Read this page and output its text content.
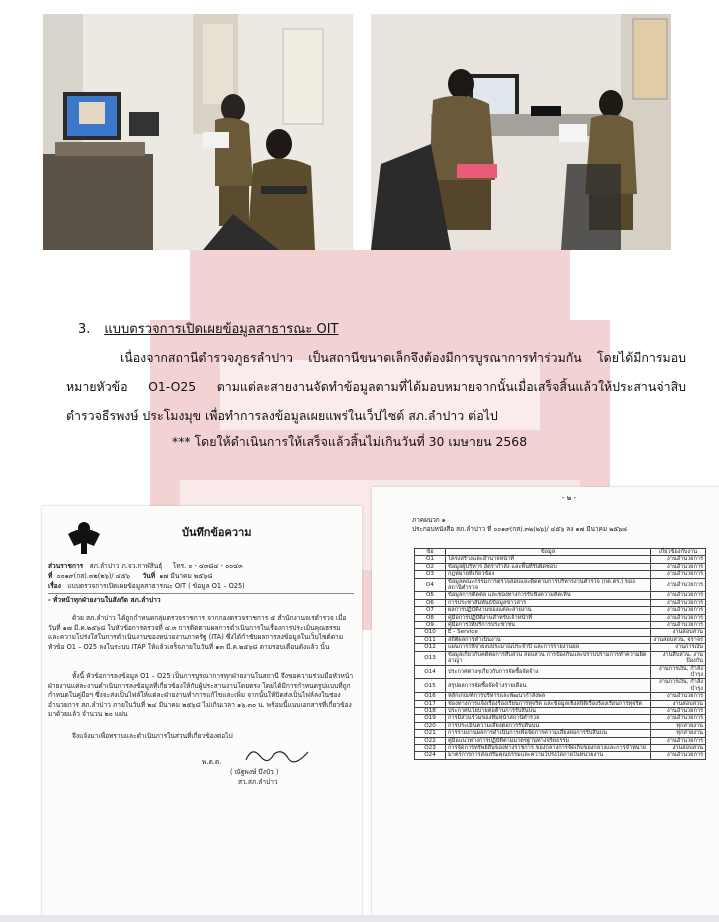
3. แบบตรวจการเปิดเผยข้อมูลสาธารณะ OIT
เนื่องจากสถานีตำรวจภูธรลำปาว เป็นสถานีขนาดเล็กจึงต้องมีการบูรณาการทำร่วมกัน โดยได้มีการมอบหมายหัวข้อ O1-O25 ตามแต่ละสายงานจัดทำข้อมูลตามที่ได้มอบหมายจากนั้นเมื่อเสร็จสิ้นแล้วให้ประสานจ่าสิบตำรวจธีรพงษ์ ประโมงมุข เพื่อทำการลงข้อมูลเผยแพร่ในเว็ปไซต์ สภ.ลำปาว ต่อไป
*** โดยให้ดำเนินการให้เสร็จแล้วสิ้นไม่เกินวันที่ 30 เมษายน 2568
บันทึกข้อความ
ส่วนราชการ สภ.ลำปาว ภ.จว.กาฬสินธุ์ โทร. ๐ - ๔๓๘๔ - ๐๐๔๓
ที่ ๐๐๑๙(กส).๓๒(๒๖)/ ๔๕๖ วันที่ ๑๗ มีนาคม ๒๕๖๘
เรื่อง แบบตรวจการเปิดเผยข้อมูลสาธารณะ OIT ( ข้อมูล O1 – O25)
- ทั่วหน้าทุกฝ่ายงานในสังกัด สภ.ลำปาว
ด้วย สภ.ลำปาว ได้ถูกกำหนดกลุ่มตรวจราชการ จากกองตรวจราชการ ๕ สำนักงานจเรตำรวจ เมื่อวันที่ ๑๗ มี.ค.๒๕๖๘ ในหัวข้อการตรวจที่ ๔.๓ การติดตามผลการดำเนินการในเรื่องการประเมินคุณธรรม และความโปร่งใสในการดำเนินงานของหน่วยงานภาครัฐ (ITA) ซึ่งได้กำชับผลการลงข้อมูลในเว็บไซต์ตามหัวข้อ O1 – O25 ลงในระบบ ITAP ให้แล้วเสร็จภายในวันที่ ๑๓ มี.ค.๒๕๖๘ ตามรอบเตือนดังแล้ว นั้น
ทั้งนี้ หัวข้อการลงข้อมูล O1 – O25 เป็นการบูรณาการทุกฝ่ายงานในสถานี จึงขอความร่วมมือหัวหน้าฝ่ายงานแต่ละงานดำเนินการลงข้อมูลที่เกี่ยวข้องให้กับผู้ประสานงานโดยตรง โดยได้มีการกำหนดรูปแบบที่ถูกกำหนดในคู่มือฯ ซึ่งจะส่งเป็นไฟล์ให้แต่ละฝ่ายงานทำการแก้ไขและเพิ่ม จากนั้นให้ปิดส่งเป็นไฟล์ลงในช่อง อำนวยการ สภ.ลำปาว ภายในวันที่ ๒๔ มีนาคม ๒๕๖๘ ไม่เกินเวลา ๑๖.๓๐ น. พร้อมนี้แนบเอกสารที่เกี่ยวข้องมาด้วยแล้ว จำนวน ๒๐ แผ่น
จึงแจ้งมาเพื่อทราบและดำเนินการในส่วนที่เกี่ยวข้องต่อไป
พ.ต.ต.
( ณัฐพงษ์ บึงบัว )
สว.สภ.ลำปาว
- ๒ -
ภาคผนวก ๑
ประกอบหนังสือ สภ.ลำปาว ที่ ๐๐๑๙(กส).๓๒(๒๖)/ ๔๕๖ ลง ๑๗ มีนาคม ๒๕๖๘
ข้อ	ข้อมูล	เกี่ยวข้องกับงาน
O1	โครงสร้างและอำนาจหน้าที่	งานอำนวยการ
O2	ข้อมูลผู้บริหาร อัตรากำลัง และพื้นที่รับผิดชอบ	งานอำนวยการ
O3	กฎหมายที่เกี่ยวข้อง	งานอำนวยการ
O4	ข้อมูลคณะกรรมการตรวจสอบและติดตามการบริหารงานตำรวจ (กต.ตร.) ของสถานีตำรวจ	งานอำนวยการ
O5	ข้อมูลการติดต่อ และช่องทางการรับฟังความคิดเห็น	งานอำนวยการ
O6	การประชาสัมพันธ์ข้อมูลข่าวสาร	งานอำนวยการ
O7	ผลการปฏิบัติงานของแต่ละสายงาน	งานอำนวยการ
O8	คู่มือการปฏิบัติงานสำหรับเจ้าหน้าที่	งานอำนวยการ
O9	คู่มือการให้บริการประชาชน	งานอำนวยการ
O10	E - Service	งานสอบสวน
O11	สถิติผลการดำเนินงาน	งานสอบสวน, จราจร
O12	แผนการใช้จ่ายงบประมาณประจำปี และการรายงานผล	งานการเงิน
O13	ข้อมูลเกี่ยวกับคดีต่อการสืบสวน สอบสวน การป้องกันและปราบปรามการทำความผิดอาญา	งานสืบสวน, งานป้องกัน
O14	ประกาศต่างๆเกี่ยวกับการจัดซื้อจัดจ้าง	งานการเงิน, กำลังบำรุง
O15	สรุปผลการจัดซื้อจัดจ้างรายเดือน	งานการเงิน, กำลังบำรุง
O16	หลักเกณฑ์การบริหารและพัฒนากำลังพล	งานอำนวยการ
O17	ช่องทางการแจ้งเรื่องร้องเรียนการทุจริต และข้อมูลเชิงสถิติเรื่องร้องเรียนการทุจริต	งานสอบสวน
O18	ประกาศนโยบายต่อต้านการรับสินบน	งานอำนวยการ
O19	การมีส่วนร่วมของทีมหน้าสถานีตำรวจ	งานอำนวยการ
O20	การประเมินความเสี่ยงต่อการรับสินบน	ทุกสายงาน
O21	การรายงานผลการดำเนินการเพื่อจัดการความเสี่ยงต่อการรับสินบน	ทุกสายงาน
O22	คู่มือแนวทางการปฏิบัติตามมาตรฐานทางจริยธรรม	งานอำนวยการ
O23	การจัดการทรัพย์สินของทางราชการ ของกลางการจัดเก็บของกลางและการจำหน่าย	งานสอบสวน
O24	มาตรการการส่งเสริมคุณธรรมและความโปร่งใสภายในหน่วยงาน	งานอำนวยการ
